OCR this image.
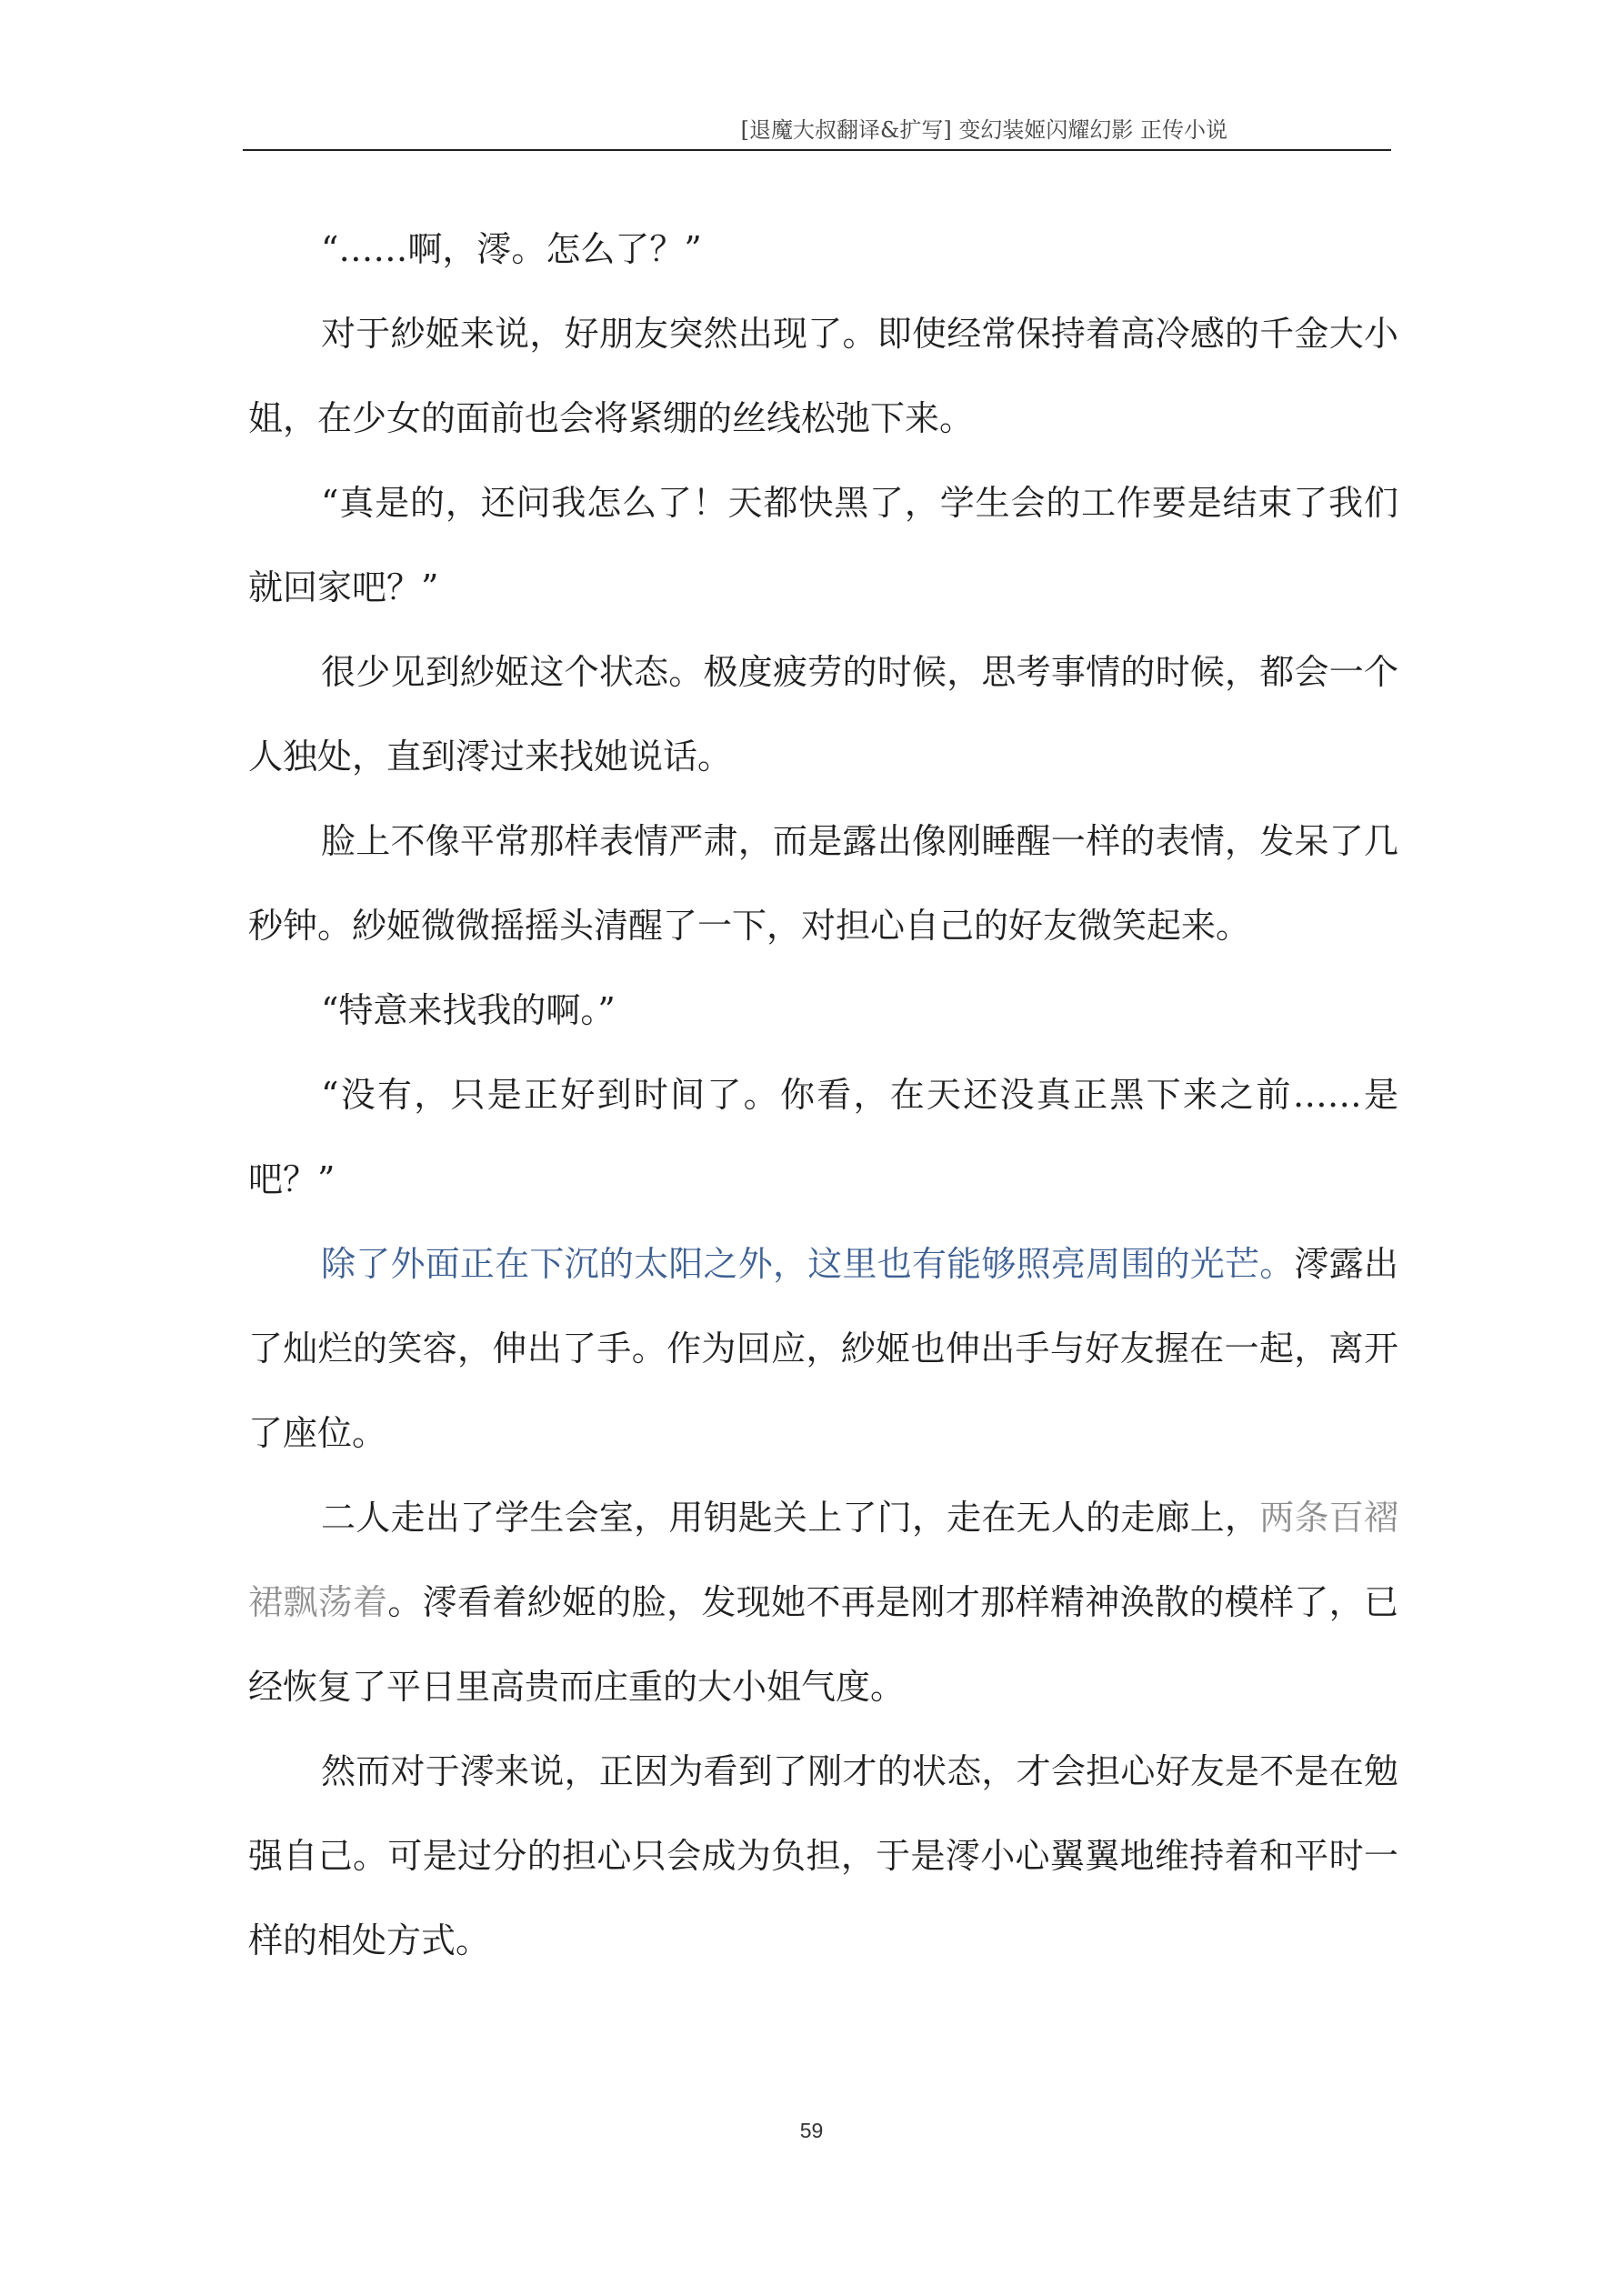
[退魔大叔翻译&扩写] 变幻装姬闪耀幻影 正传小说

“……啊，澪。怎么了？”

对于紗姬来说，好朋友突然出现了。即使经常保持着高冷感的千金大小姐，在少女的面前也会将紧绷的丝线松弛下来。

“真是的，还问我怎么了！天都快黑了，学生会的工作要是结束了我们就回家吧？”

很少见到紗姬这个状态。极度疲劳的时候，思考事情的时候，都会一个人独处，直到澪过来找她说话。

脸上不像平常那样表情严肃，而是露出像刚睡醒一样的表情，发呆了几秒钟。紗姬微微摇摇头清醒了一下，对担心自己的好友微笑起来。

“特意来找我的啊。”

“没有，只是正好到时间了。你看，在天还没真正黑下来之前……是吧？”

除了外面正在下沉的太阳之外，这里也有能够照亮周围的光芒。澪露出了灿烂的笑容，伸出了手。作为回应，紗姬也伸出手与好友握在一起，离开了座位。

二人走出了学生会室，用钥匙关上了门，走在无人的走廊上，两条百褶裙飘荡着。澪看着紗姬的脸，发现她不再是刚才那样精神涣散的模样了，已经恢复了平日里高贵而庄重的大小姐气度。

然而对于澪来说，正因为看到了刚才的状态，才会担心好友是不是在勉强自己。可是过分的担心只会成为负担，于是澪小心翼翼地维持着和平时一样的相处方式。

59
